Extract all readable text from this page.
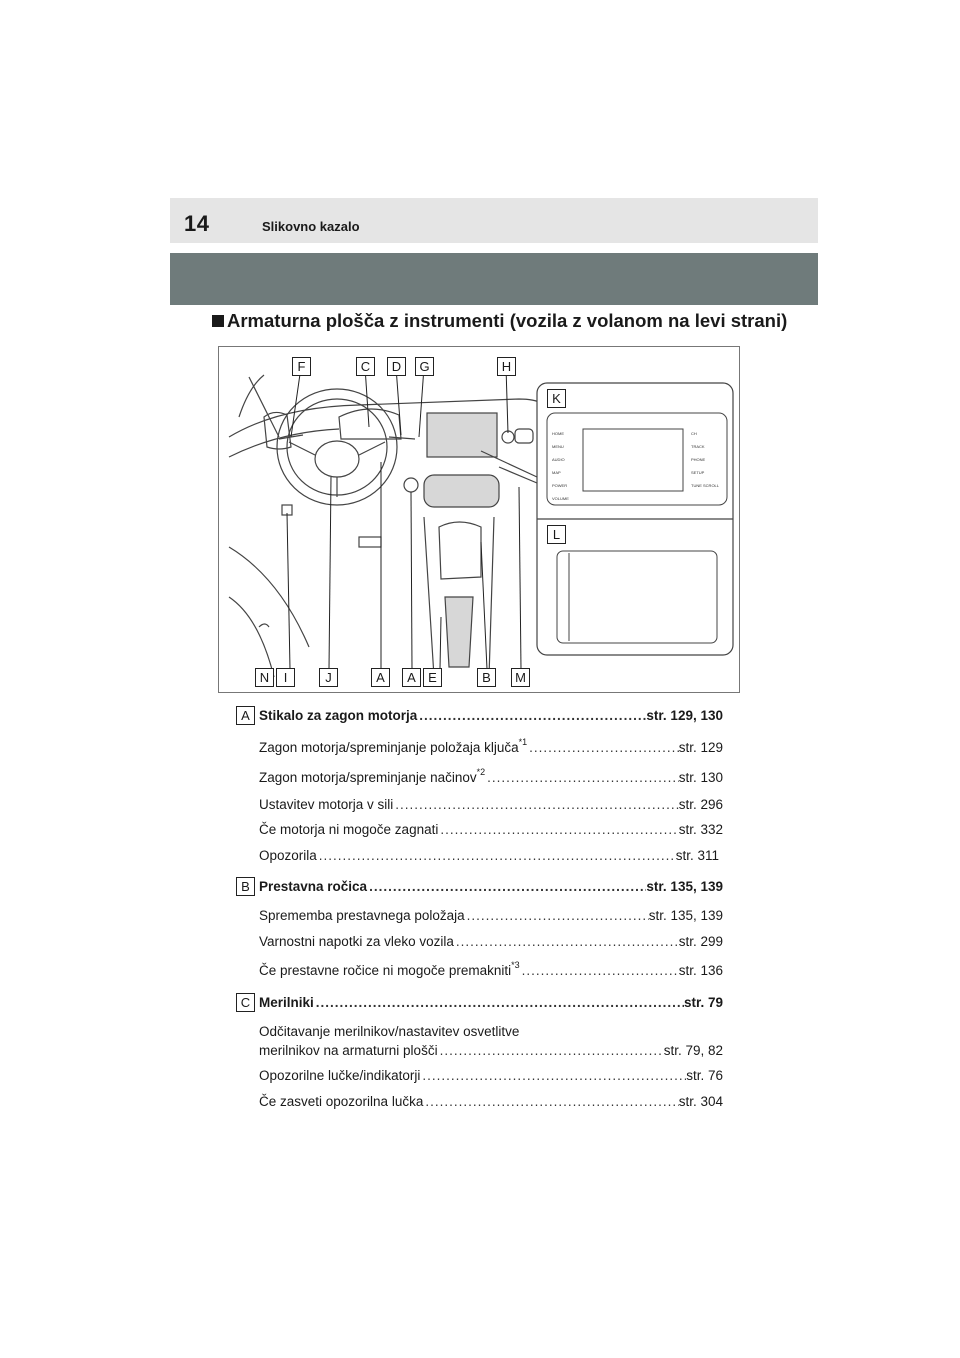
14	Slikovno kazalo
Armaturna plošča z instrumenti (vozila z volanom na levi strani)
F	C	D	G	H
K
L
HOME
MENU
AUDIO
MAP
POWER VOLUME
CH
TRACK
PHONE
SETUP
TUNE SCROLL
N	I	J	A	A E	B	M
A Stikalo za zagon motorja .....	str. 129, 130
Zagon motorja/spreminjanje položaja ključa$^{*1}$ .....	str. 129
Zagon motorja/spreminjanje načinov$^{*2}$ .....	str. 130
Ustavitev motorja v sili .....	str. 296
Če motorja ni mogoče zagnati .....	str. 332
Opozorila .....	str. 311
B Prestavna ročica .....	str. 135, 139
Sprememba prestavnega položaja .....	str. 135, 139
Varnostni napotki za vleko vozila .....	str. 299
Če prestavne ročice ni mogoče premakniti$^{*3}$ .....	str. 136
C Merilniki .....	str. 79
Odčitavanje merilnikov/nastavitev osvetlitve
merilnikov na armaturni plošči .....	str. 79, 82
Opozorilne lučke/indikatorji .....	str. 76
Če zasveti opozorilna lučka .....	str. 304
